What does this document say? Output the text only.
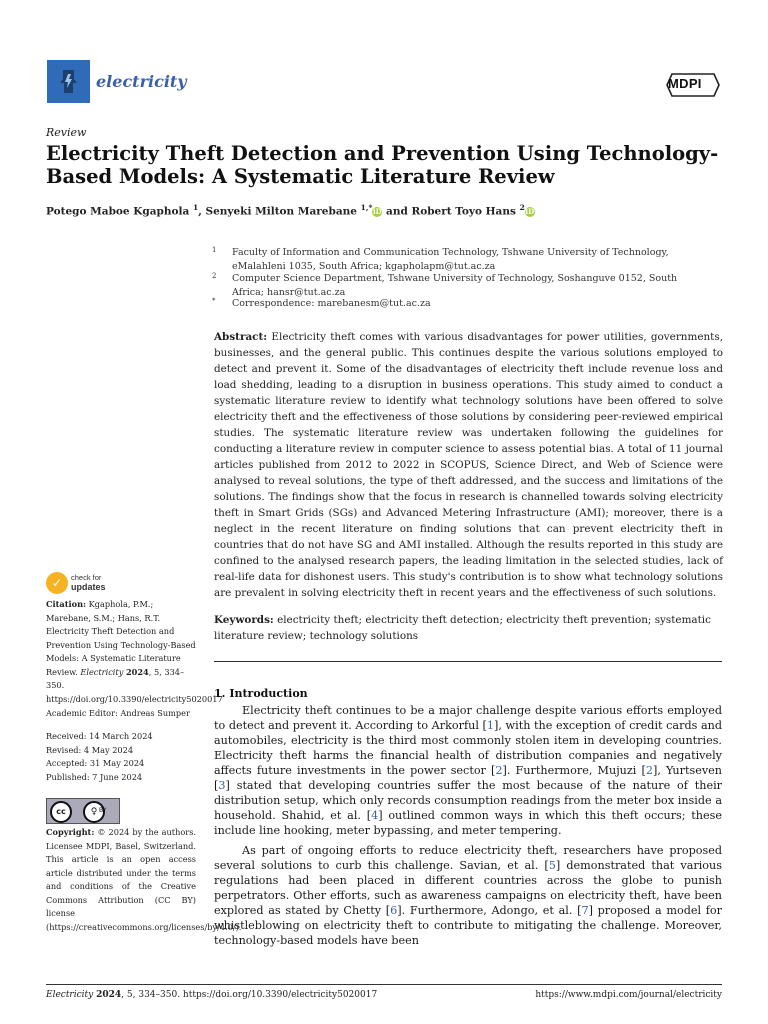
electricity	MDPI
Review
Electricity Theft Detection and Prevention Using Technology-Based Models: A Systematic Literature Review
Potego Maboe Kgaphola $^1$, Senyeki Milton Marebane $^{1,*}$iD and Robert Toyo Hans $^2$iD
1 Faculty of Information and Communication Technology, Tshwane University of Technology, eMalahleni 1035, South Africa; kgapholapm@tut.ac.za
2 Computer Science Department, Tshwane University of Technology, Soshanguve 0152, South Africa; hansr@tut.ac.za
* Correspondence: marebanesm@tut.ac.za
Abstract: Electricity theft comes with various disadvantages for power utilities, governments, businesses, and the general public. This continues despite the various solutions employed to detect and prevent it. Some of the disadvantages of electricity theft include revenue loss and load shedding, leading to a disruption in business operations. This study aimed to conduct a systematic literature review to identify what technology solutions have been offered to solve electricity theft and the effectiveness of those solutions by considering peer-reviewed empirical studies. The systematic literature review was undertaken following the guidelines for conducting a literature review in computer science to assess potential bias. A total of 11 journal articles published from 2012 to 2022 in SCOPUS, Science Direct, and Web of Science were analysed to reveal solutions, the type of theft addressed, and the success and limitations of the solutions. The findings show that the focus in research is channelled towards solving electricity theft in Smart Grids (SGs) and Advanced Metering Infrastructure (AMI); moreover, there is a neglect in the recent literature on finding solutions that can prevent electricity theft in countries that do not have SG and AMI installed. Although the results reported in this study are confined to the analysed research papers, the leading limitation in the selected studies, lack of real-life data for dishonest users. This study's contribution is to show what technology solutions are prevalent in solving electricity theft in recent years and the effectiveness of such solutions.
Keywords: electricity theft; electricity theft detection; electricity theft prevention; systematic literature review; technology solutions
✓	check for
updates
Citation: Kgaphola, P.M.; Marebane, S.M.; Hans, R.T. Electricity Theft Detection and Prevention Using Technology-Based Models: A Systematic Literature Review. Electricity 2024, 5, 334–350. https://doi.org/10.3390/electricity5020017
Academic Editor: Andreas Sumper
Received: 14 March 2024
Revised: 4 May 2024
Accepted: 31 May 2024
Published: 7 June 2024
cc	♀ BY
Copyright: © 2024 by the authors. Licensee MDPI, Basel, Switzerland. This article is an open access article distributed under the terms and conditions of the Creative Commons Attribution (CC BY) license (https://creativecommons.org/licenses/by/4.0/).
1. Introduction
Electricity theft continues to be a major challenge despite various efforts employed to detect and prevent it. According to Arkorful [1], with the exception of credit cards and automobiles, electricity is the third most commonly stolen item in developing countries. Electricity theft harms the financial health of distribution companies and negatively affects future investments in the power sector [2]. Furthermore, Mujuzi [2], Yurtseven [3] stated that developing countries suffer the most because of the nature of their distribution setup, which only records consumption readings from the meter box inside a household. Shahid, et al. [4] outlined common ways in which this theft occurs; these include line hooking, meter bypassing, and meter tempering.
As part of ongoing efforts to reduce electricity theft, researchers have proposed several solutions to curb this challenge. Savian, et al. [5] demonstrated that various regulations had been placed in different countries across the globe to punish perpetrators. Other efforts, such as awareness campaigns on electricity theft, have been explored as stated by Chetty [6]. Furthermore, Adongo, et al. [7] proposed a model for whistleblowing on electricity theft to contribute to mitigating the challenge. Moreover, technology-based models have been
Electricity 2024, 5, 334–350. https://doi.org/10.3390/electricity5020017	https://www.mdpi.com/journal/electricity
